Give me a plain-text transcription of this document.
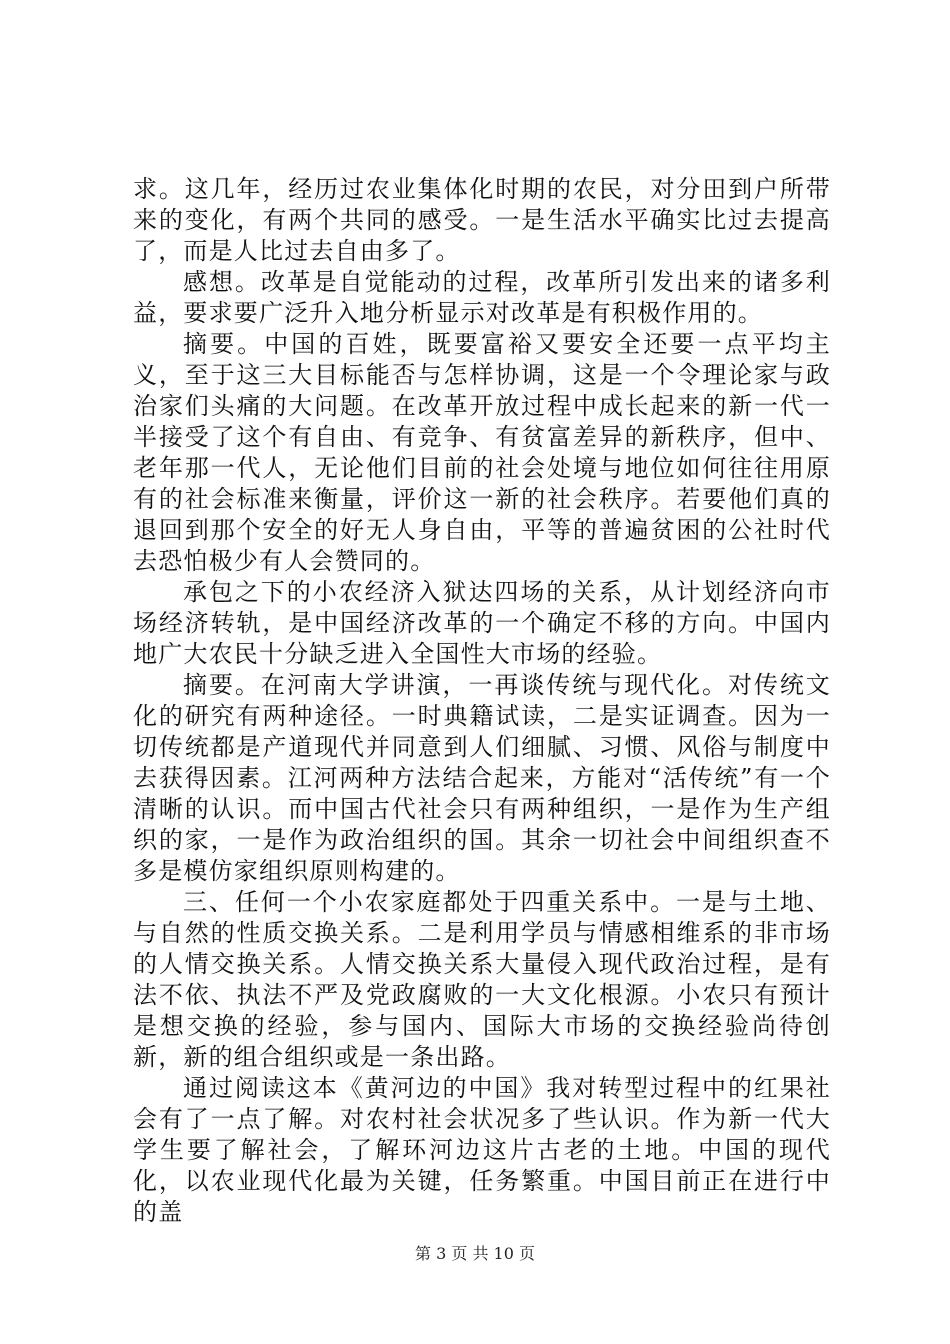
求。这几年，经历过农业集体化时期的农民，对分田到户所带来的变化，有两个共同的感受。一是生活水平确实比过去提高了，而是人比过去自由多了。

感想。改革是自觉能动的过程，改革所引发出来的诸多利益，要求要广泛升入地分析显示对改革是有积极作用的。

摘要。中国的百姓，既要富裕又要安全还要一点平均主义，至于这三大目标能否与怎样协调，这是一个令理论家与政治家们头痛的大问题。在改革开放过程中成长起来的新一代一半接受了这个有自由、有竞争、有贫富差异的新秩序，但中、老年那一代人，无论他们目前的社会处境与地位如何往往用原有的社会标准来衡量，评价这一新的社会秩序。若要他们真的退回到那个安全的好无人身自由，平等的普遍贫困的公社时代去恐怕极少有人会赞同的。

承包之下的小农经济入狱达四场的关系，从计划经济向市场经济转轨，是中国经济改革的一个确定不移的方向。中国内地广大农民十分缺乏进入全国性大市场的经验。

摘要。在河南大学讲演，一再谈传统与现代化。对传统文化的研究有两种途径。一时典籍试读，二是实证调查。因为一切传统都是产道现代并同意到人们细腻、习惯、风俗与制度中去获得因素。江河两种方法结合起来，方能对“活传统”有一个清晰的认识。而中国古代社会只有两种组织，一是作为生产组织的家，一是作为政治组织的国。其余一切社会中间组织查不多是模仿家组织原则构建的。

三、任何一个小农家庭都处于四重关系中。一是与土地、与自然的性质交换关系。二是利用学员与情感相维系的非市场的人情交换关系。人情交换关系大量侵入现代政治过程，是有法不依、执法不严及党政腐败的一大文化根源。小农只有预计是想交换的经验，参与国内、国际大市场的交换经验尚待创新，新的组合组织或是一条出路。

通过阅读这本《黄河边的中国》我对转型过程中的红果社会有了一点了解。对农村社会状况多了些认识。作为新一代大学生要了解社会，了解环河边这片古老的土地。中国的现代化，以农业现代化最为关键，任务繁重。中国目前正在进行中的盖

第 3 页 共 10 页
